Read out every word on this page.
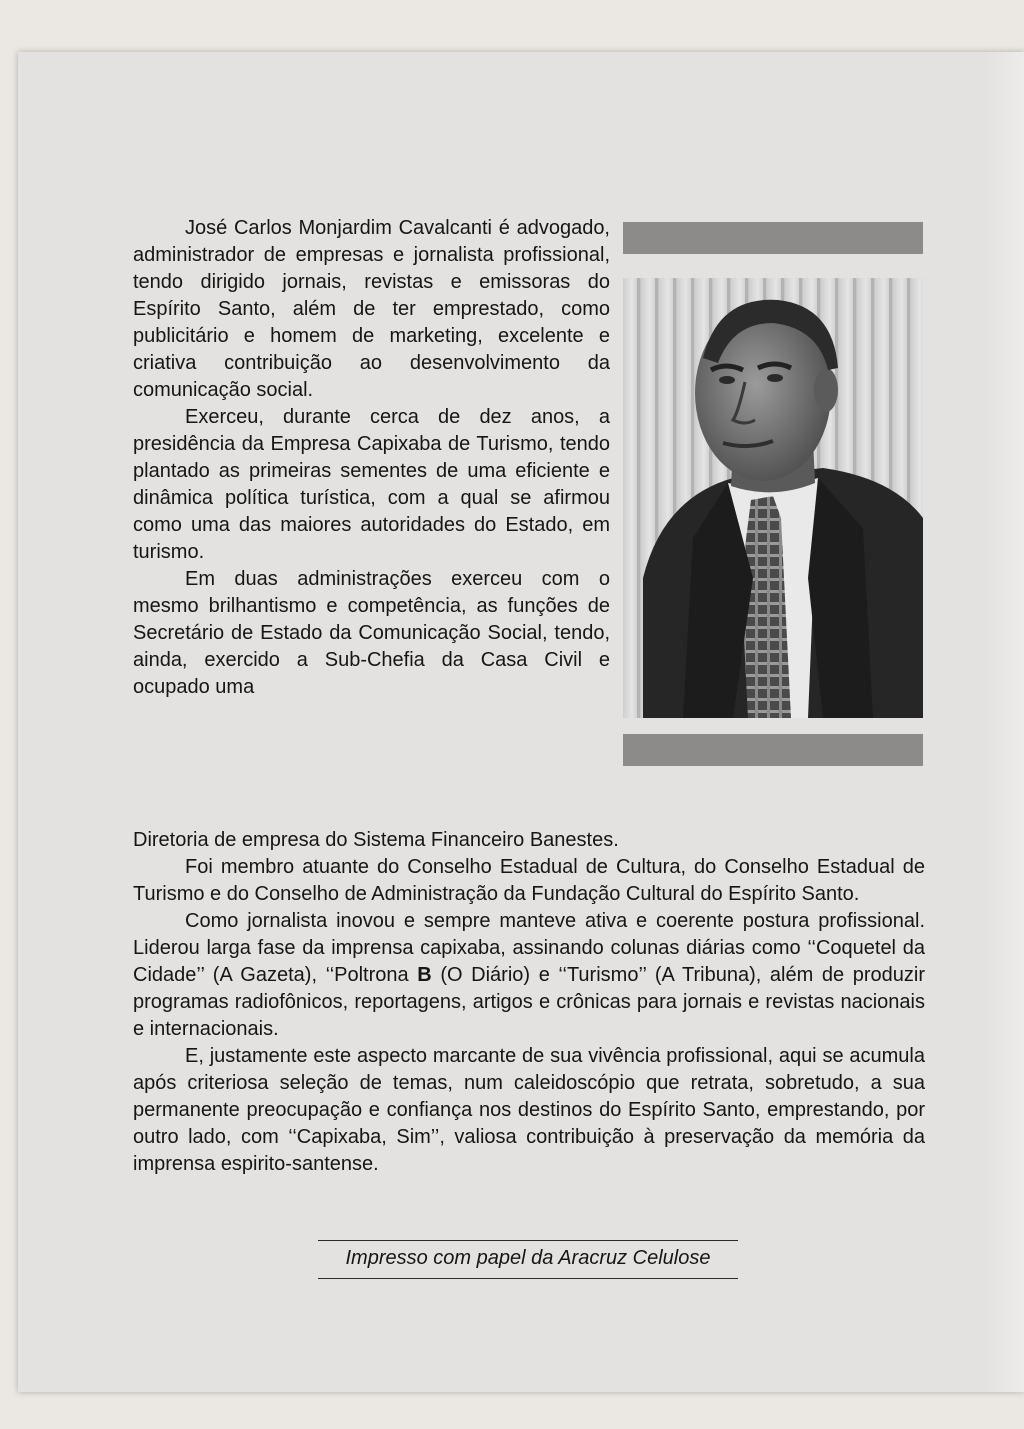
José Carlos Monjardim Cavalcanti é advogado, administrador de empresas e jornalista profissional, tendo dirigido jornais, revistas e emissoras do Espírito Santo, além de ter emprestado, como publicitário e homem de marketing, excelente e criativa contribuição ao desenvolvimento da comunicação social.

Exerceu, durante cerca de dez anos, a presidência da Empresa Capixaba de Turismo, tendo plantado as primeiras sementes de uma eficiente e dinâmica política turística, com a qual se afirmou como uma das maiores autoridades do Estado, em turismo.

Em duas administrações exerceu com o mesmo brilhantismo e competência, as funções de Secretário de Estado da Comunicação Social, tendo, ainda, exercido a Sub-Chefia da Casa Civil e ocupado uma

Diretoria de empresa do Sistema Financeiro Banestes.

Foi membro atuante do Conselho Estadual de Cultura, do Conselho Estadual de Turismo e do Conselho de Administração da Fundação Cultural do Espírito Santo.

Como jornalista inovou e sempre manteve ativa e coerente postura profissional. Liderou larga fase da imprensa capixaba, assinando colunas diárias como ‘‘Coquetel da Cidade’’ (A Gazeta), ‘‘Poltrona B (O Diário) e ‘‘Turismo’’ (A Tribuna), além de produzir programas radiofônicos, reportagens, artigos e crônicas para jornais e revistas nacionais e internacionais.

E, justamente este aspecto marcante de sua vivência profissional, aqui se acumula após criteriosa seleção de temas, num caleidoscópio que retrata, sobretudo, a sua permanente preocupação e confiança nos destinos do Espírito Santo, emprestando, por outro lado, com ‘‘Capixaba, Sim’’, valiosa contribuição à preservação da memória da imprensa espirito-santense.

Impresso com papel da Aracruz Celulose
